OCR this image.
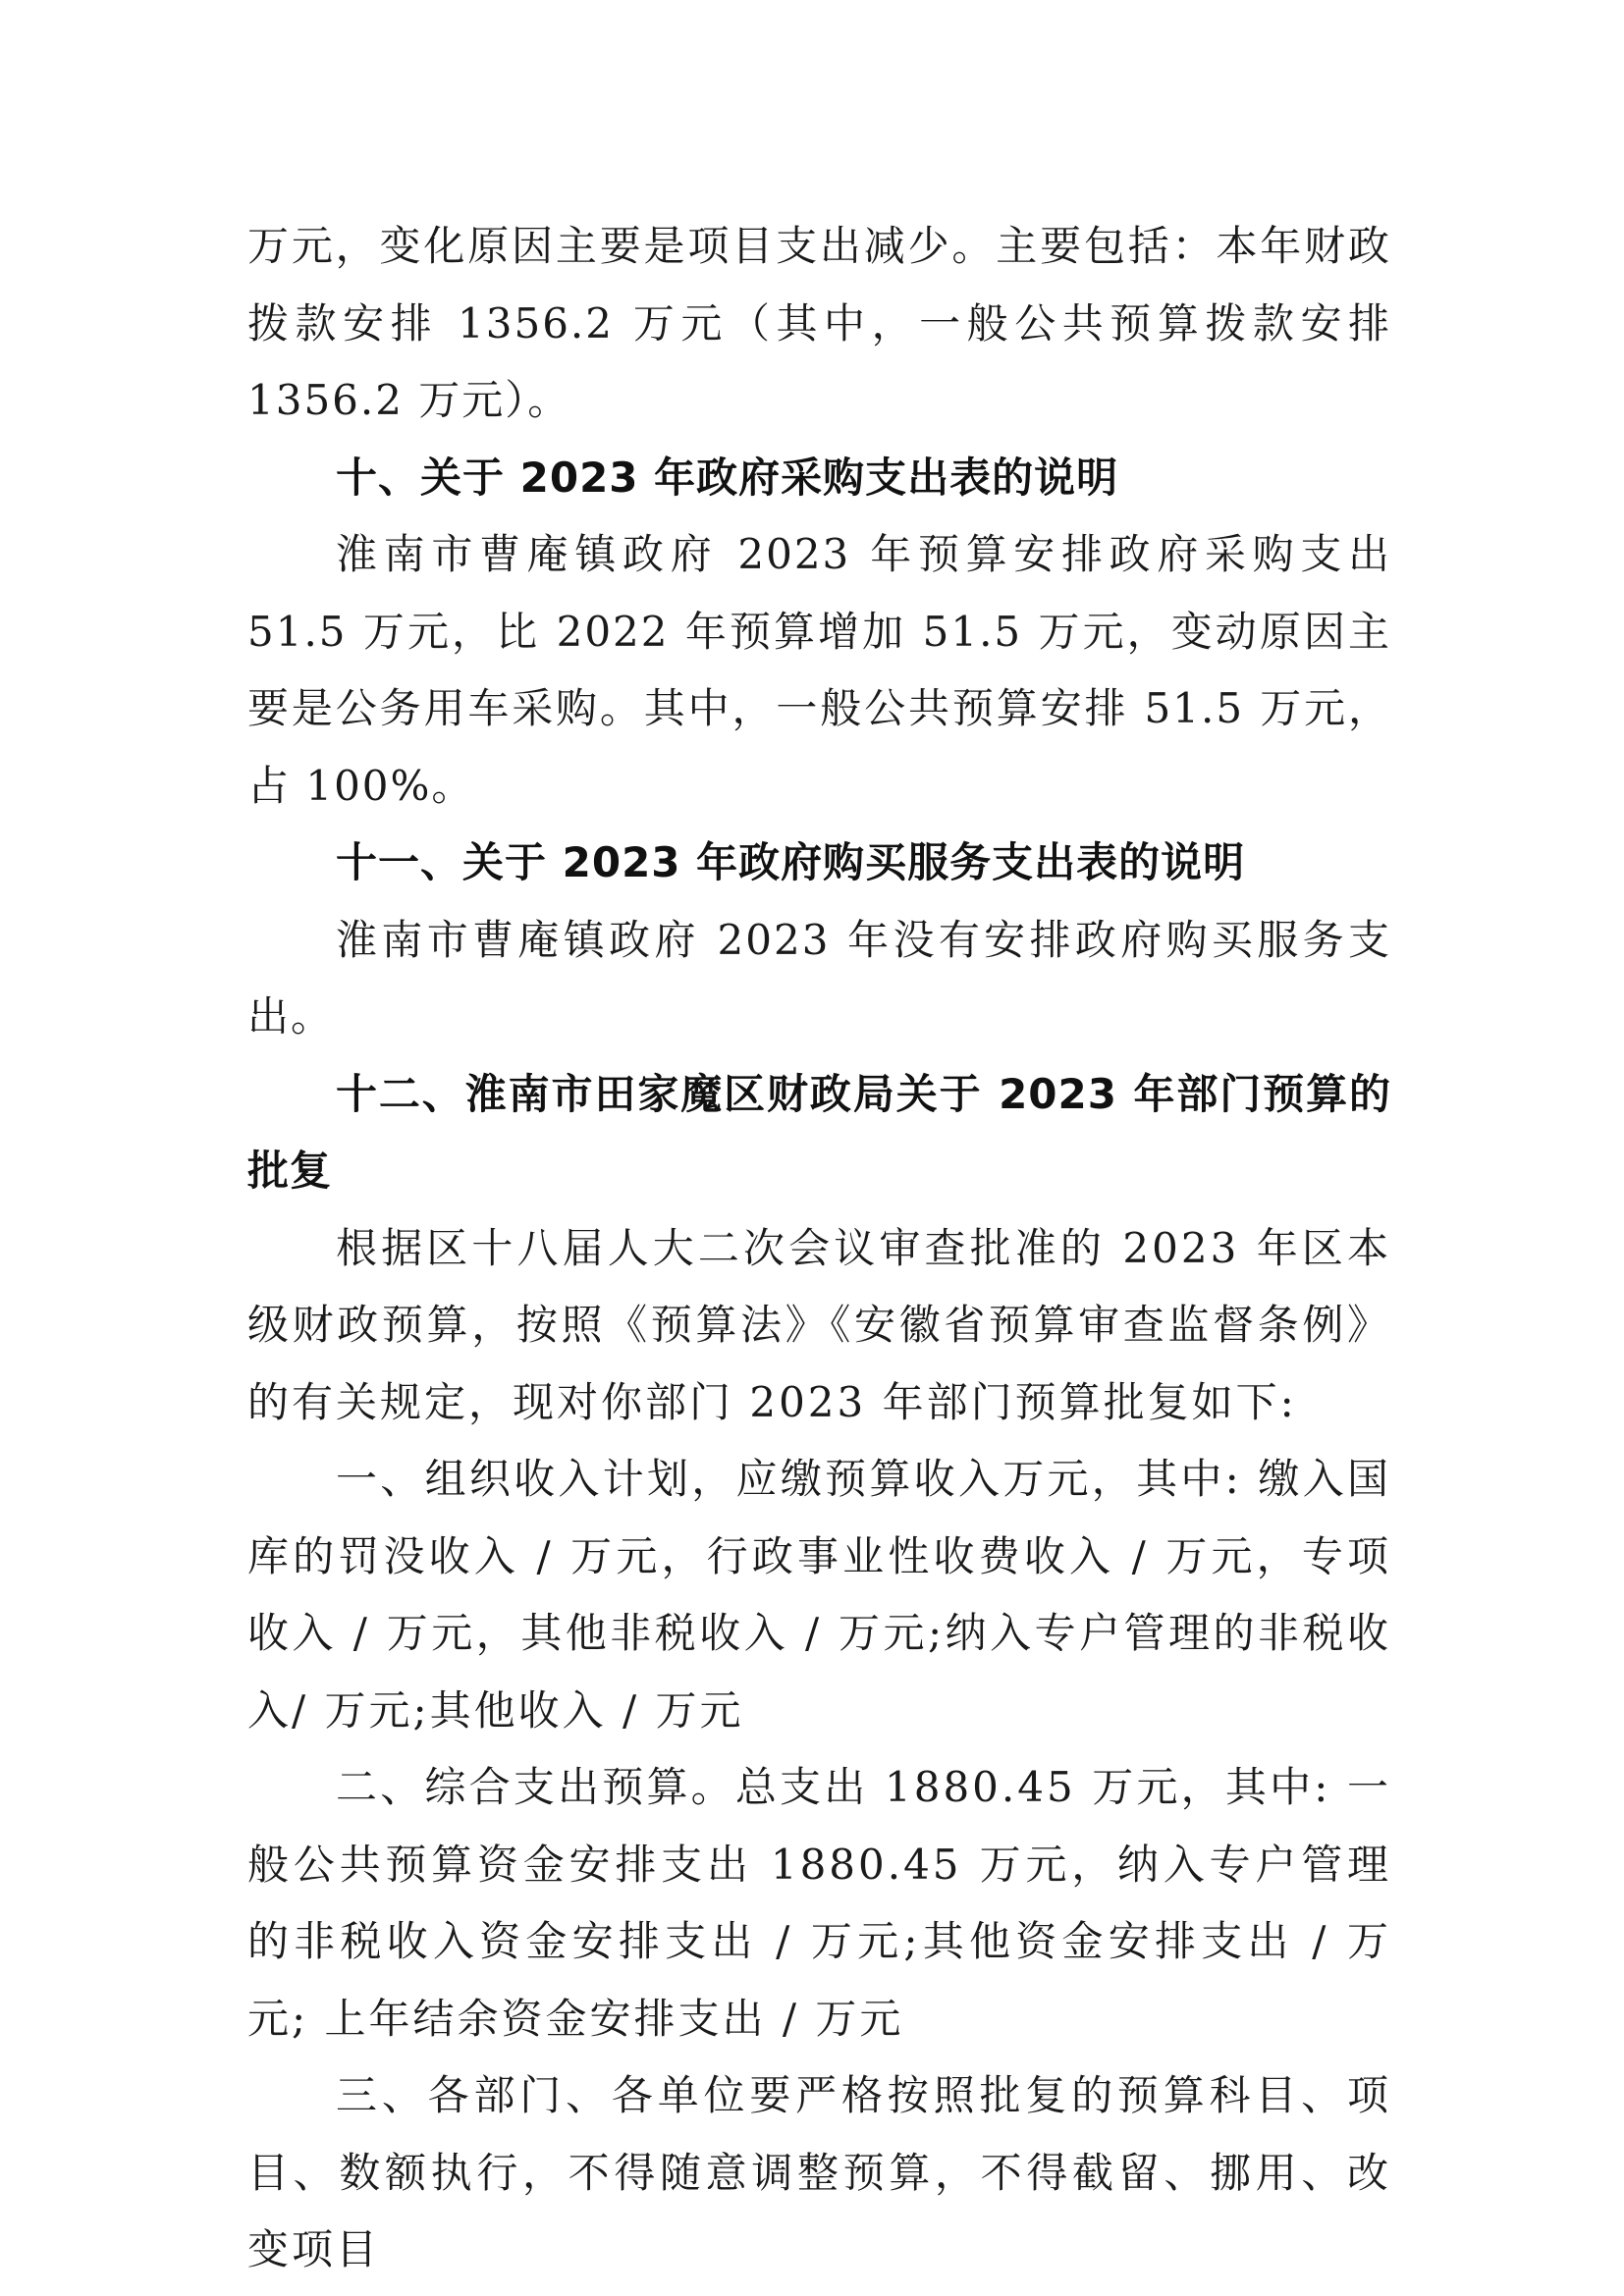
万元，变化原因主要是项目支出减少。主要包括：本年财政拨款安排 1356.2 万元（其中，一般公共预算拨款安排 1356.2 万元）。

十、关于 2023 年政府采购支出表的说明

淮南市曹庵镇政府 2023 年预算安排政府采购支出 51.5 万元，比 2022 年预算增加 51.5 万元，变动原因主要是公务用车采购。其中，一般公共预算安排 51.5 万元，占 100%。

十一、关于 2023 年政府购买服务支出表的说明

淮南市曹庵镇政府 2023 年没有安排政府购买服务支出。

十二、淮南市田家魔区财政局关于 2023 年部门预算的批复

根据区十八届人大二次会议审查批准的 2023 年区本级财政预算，按照《预算法》《安徽省预算审查监督条例》的有关规定，现对你部门 2023 年部门预算批复如下:

一、组织收入计划，应缴预算收入万元，其中: 缴入国库的罚没收入 / 万元，行政事业性收费收入 / 万元，专项收入 / 万元，其他非税收入 / 万元;纳入专户管理的非税收入/ 万元;其他收入 / 万元

二、综合支出预算。总支出 1880.45 万元，其中: 一般公共预算资金安排支出 1880.45 万元，纳入专户管理的非税收入资金安排支出 / 万元;其他资金安排支出 / 万元; 上年结余资金安排支出 / 万元

三、各部门、各单位要严格按照批复的预算科目、项目、数额执行，不得随意调整预算，不得截留、挪用、改变项目
